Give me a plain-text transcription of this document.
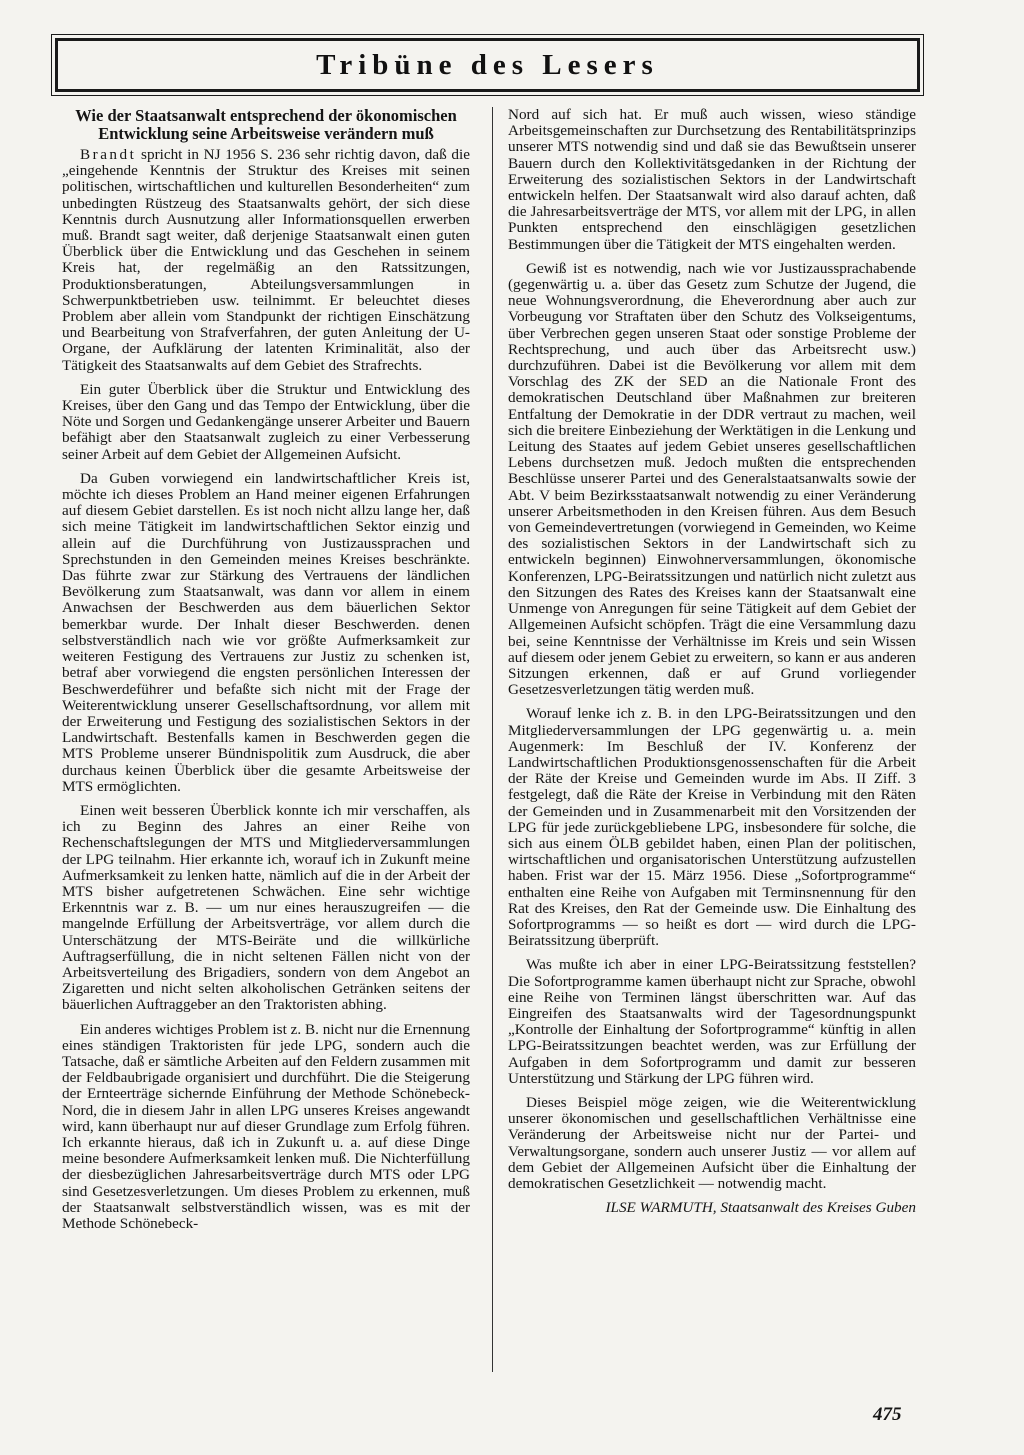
Tribüne des Lesers
Wie der Staatsanwalt entsprechend der ökonomischen Entwicklung seine Arbeitsweise verändern muß

Brandt spricht in NJ 1956 S. 236 sehr richtig davon, daß die „eingehende Kenntnis der Struktur des Kreises mit seinen politischen, wirtschaftlichen und kulturellen Besonderheiten“ zum unbedingten Rüstzeug des Staatsanwalts gehört, der sich diese Kenntnis durch Ausnutzung aller Informationsquellen erwerben muß. Brandt sagt weiter, daß derjenige Staatsanwalt einen guten Überblick über die Entwicklung und das Geschehen in seinem Kreis hat, der regelmäßig an den Ratssitzungen, Produktionsberatungen, Abteilungsversammlungen in Schwerpunktbetrieben usw. teilnimmt. Er beleuchtet dieses Problem aber allein vom Standpunkt der richtigen Einschätzung und Bearbeitung von Strafverfahren, der guten Anleitung der U-Organe, der Aufklärung der latenten Kriminalität, also der Tätigkeit des Staatsanwalts auf dem Gebiet des Strafrechts.

Ein guter Überblick über die Struktur und Entwicklung des Kreises, über den Gang und das Tempo der Entwicklung, über die Nöte und Sorgen und Gedankengänge unserer Arbeiter und Bauern befähigt aber den Staatsanwalt zugleich zu einer Verbesserung seiner Arbeit auf dem Gebiet der Allgemeinen Aufsicht.

Da Guben vorwiegend ein landwirtschaftlicher Kreis ist, möchte ich dieses Problem an Hand meiner eigenen Erfahrungen auf diesem Gebiet darstellen. Es ist noch nicht allzu lange her, daß sich meine Tätigkeit im landwirtschaftlichen Sektor einzig und allein auf die Durchführung von Justizaussprachen und Sprechstunden in den Gemeinden meines Kreises beschränkte. Das führte zwar zur Stärkung des Vertrauens der ländlichen Bevölkerung zum Staatsanwalt, was dann vor allem in einem Anwachsen der Beschwerden aus dem bäuerlichen Sektor bemerkbar wurde. Der Inhalt dieser Beschwerden. denen selbstverständlich nach wie vor größte Aufmerksamkeit zur weiteren Festigung des Vertrauens zur Justiz zu schenken ist, betraf aber vorwiegend die engsten persönlichen Interessen der Beschwerdeführer und befaßte sich nicht mit der Frage der Weiterentwicklung unserer Gesellschaftsordnung, vor allem mit der Erweiterung und Festigung des sozialistischen Sektors in der Landwirtschaft. Bestenfalls kamen in Beschwerden gegen die MTS Probleme unserer Bündnispolitik zum Ausdruck, die aber durchaus keinen Überblick über die gesamte Arbeitsweise der MTS ermöglichten.

Einen weit besseren Überblick konnte ich mir verschaffen, als ich zu Beginn des Jahres an einer Reihe von Rechenschaftslegungen der MTS und Mitgliederversammlungen der LPG teilnahm. Hier erkannte ich, worauf ich in Zukunft meine Aufmerksamkeit zu lenken hatte, nämlich auf die in der Arbeit der MTS bisher aufgetretenen Schwächen. Eine sehr wichtige Erkenntnis war z. B. — um nur eines herauszugreifen — die mangelnde Erfüllung der Arbeitsverträge, vor allem durch die Unterschätzung der MTS-Beiräte und die willkürliche Auftragserfüllung, die in nicht seltenen Fällen nicht von der Arbeitsverteilung des Brigadiers, sondern von dem Angebot an Zigaretten und nicht selten alkoholischen Getränken seitens der bäuerlichen Auftraggeber an den Traktoristen abhing.

Ein anderes wichtiges Problem ist z. B. nicht nur die Ernennung eines ständigen Traktoristen für jede LPG, sondern auch die Tatsache, daß er sämtliche Arbeiten auf den Feldern zusammen mit der Feldbaubrigade organisiert und durchführt. Die die Steigerung der Ernteerträge sichernde Einführung der Methode Schönebeck-Nord, die in diesem Jahr in allen LPG unseres Kreises angewandt wird, kann überhaupt nur auf dieser Grundlage zum Erfolg führen. Ich erkannte hieraus, daß ich in Zukunft u. a. auf diese Dinge meine besondere Aufmerksamkeit lenken muß. Die Nichterfüllung der diesbezüglichen Jahresarbeitsverträge durch MTS oder LPG sind Gesetzesverletzungen. Um dieses Problem zu erkennen, muß der Staatsanwalt selbstverständlich wissen, was es mit der Methode Schönebeck-

Nord auf sich hat. Er muß auch wissen, wieso ständige Arbeitsgemeinschaften zur Durchsetzung des Rentabilitätsprinzips unserer MTS notwendig sind und daß sie das Bewußtsein unserer Bauern durch den Kollektivitätsgedanken in der Richtung der Erweiterung des sozialistischen Sektors in der Landwirtschaft entwickeln helfen. Der Staatsanwalt wird also darauf achten, daß die Jahresarbeitsverträge der MTS, vor allem mit der LPG, in allen Punkten entsprechend den einschlägigen gesetzlichen Bestimmungen über die Tätigkeit der MTS eingehalten werden.

Gewiß ist es notwendig, nach wie vor Justizaussprachabende (gegenwärtig u. a. über das Gesetz zum Schutze der Jugend, die neue Wohnungsverordnung, die Eheverordnung aber auch zur Vorbeugung vor Straftaten über den Schutz des Volkseigentums, über Verbrechen gegen unseren Staat oder sonstige Probleme der Rechtsprechung, und auch über das Arbeitsrecht usw.) durchzuführen. Dabei ist die Bevölkerung vor allem mit dem Vorschlag des ZK der SED an die Nationale Front des demokratischen Deutschland über Maßnahmen zur breiteren Entfaltung der Demokratie in der DDR vertraut zu machen, weil sich die breitere Einbeziehung der Werktätigen in die Lenkung und Leitung des Staates auf jedem Gebiet unseres gesellschaftlichen Lebens durchsetzen muß. Jedoch mußten die entsprechenden Beschlüsse unserer Partei und des Generalstaatsanwalts sowie der Abt. V beim Bezirksstaatsanwalt notwendig zu einer Veränderung unserer Arbeitsmethoden in den Kreisen führen. Aus dem Besuch von Gemeindevertretungen (vorwiegend in Gemeinden, wo Keime des sozialistischen Sektors in der Landwirtschaft sich zu entwickeln beginnen) Einwohnerversammlungen, ökonomische Konferenzen, LPG-Beiratssitzungen und natürlich nicht zuletzt aus den Sitzungen des Rates des Kreises kann der Staatsanwalt eine Unmenge von Anregungen für seine Tätigkeit auf dem Gebiet der Allgemeinen Aufsicht schöpfen. Trägt die eine Versammlung dazu bei, seine Kenntnisse der Verhältnisse im Kreis und sein Wissen auf diesem oder jenem Gebiet zu erweitern, so kann er aus anderen Sitzungen erkennen, daß er auf Grund vorliegender Gesetzesverletzungen tätig werden muß.

Worauf lenke ich z. B. in den LPG-Beiratssitzungen und den Mitgliederversammlungen der LPG gegenwärtig u. a. mein Augenmerk: Im Beschluß der IV. Konferenz der Landwirtschaftlichen Produktionsgenossenschaften für die Arbeit der Räte der Kreise und Gemeinden wurde im Abs. II Ziff. 3 festgelegt, daß die Räte der Kreise in Verbindung mit den Räten der Gemeinden und in Zusammenarbeit mit den Vorsitzenden der LPG für jede zurückgebliebene LPG, insbesondere für solche, die sich aus einem ÖLB gebildet haben, einen Plan der politischen, wirtschaftlichen und organisatorischen Unterstützung aufzustellen haben. Frist war der 15. März 1956. Diese „Sofortprogramme“ enthalten eine Reihe von Aufgaben mit Terminsnennung für den Rat des Kreises, den Rat der Gemeinde usw. Die Einhaltung des Sofortprogramms — so heißt es dort — wird durch die LPG-Beiratssitzung überprüft.

Was mußte ich aber in einer LPG-Beiratssitzung feststellen? Die Sofortprogramme kamen überhaupt nicht zur Sprache, obwohl eine Reihe von Terminen längst überschritten war. Auf das Eingreifen des Staatsanwalts wird der Tagesordnungspunkt „Kontrolle der Einhaltung der Sofortprogramme“ künftig in allen LPG-Beiratssitzungen beachtet werden, was zur Erfüllung der Aufgaben in dem Sofortprogramm und damit zur besseren Unterstützung und Stärkung der LPG führen wird.

Dieses Beispiel möge zeigen, wie die Weiterentwicklung unserer ökonomischen und gesellschaftlichen Verhältnisse eine Veränderung der Arbeitsweise nicht nur der Partei- und Verwaltungsorgane, sondern auch unserer Justiz — vor allem auf dem Gebiet der Allgemeinen Aufsicht über die Einhaltung der demokratischen Gesetzlichkeit — notwendig macht.

ILSE WARMUTH, Staatsanwalt des Kreises Guben

475
